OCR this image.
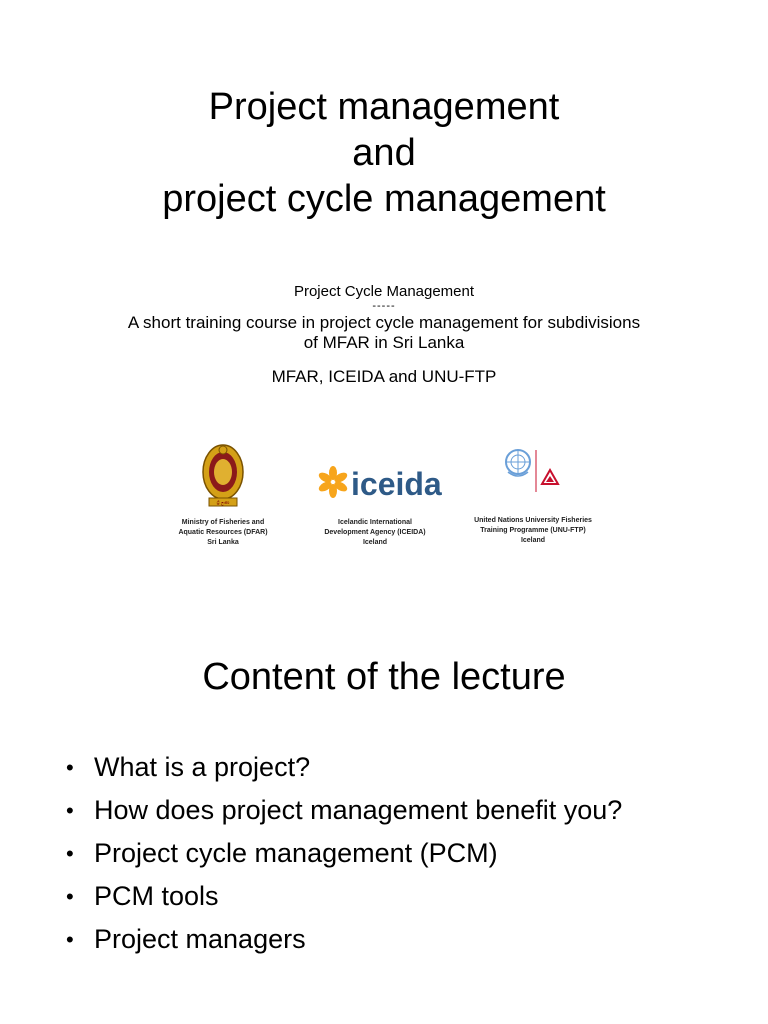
Project management
and
project cycle management
Project Cycle Management
-----
A short training course in project cycle management for subdivisions of MFAR in Sri Lanka
MFAR, ICEIDA and UNU-FTP
ශ්‍රී ලංකා
Ministry of Fisheries and
Aquatic Resources (DFAR)
Sri Lanka
iceida
Icelandic International
Development Agency (ICEIDA)
Iceland
United Nations University Fisheries
Training Programme (UNU-FTP)
Iceland
Content of the lecture
• What is a project?
• How does project management benefit you?
• Project cycle management (PCM)
• PCM tools
• Project managers
